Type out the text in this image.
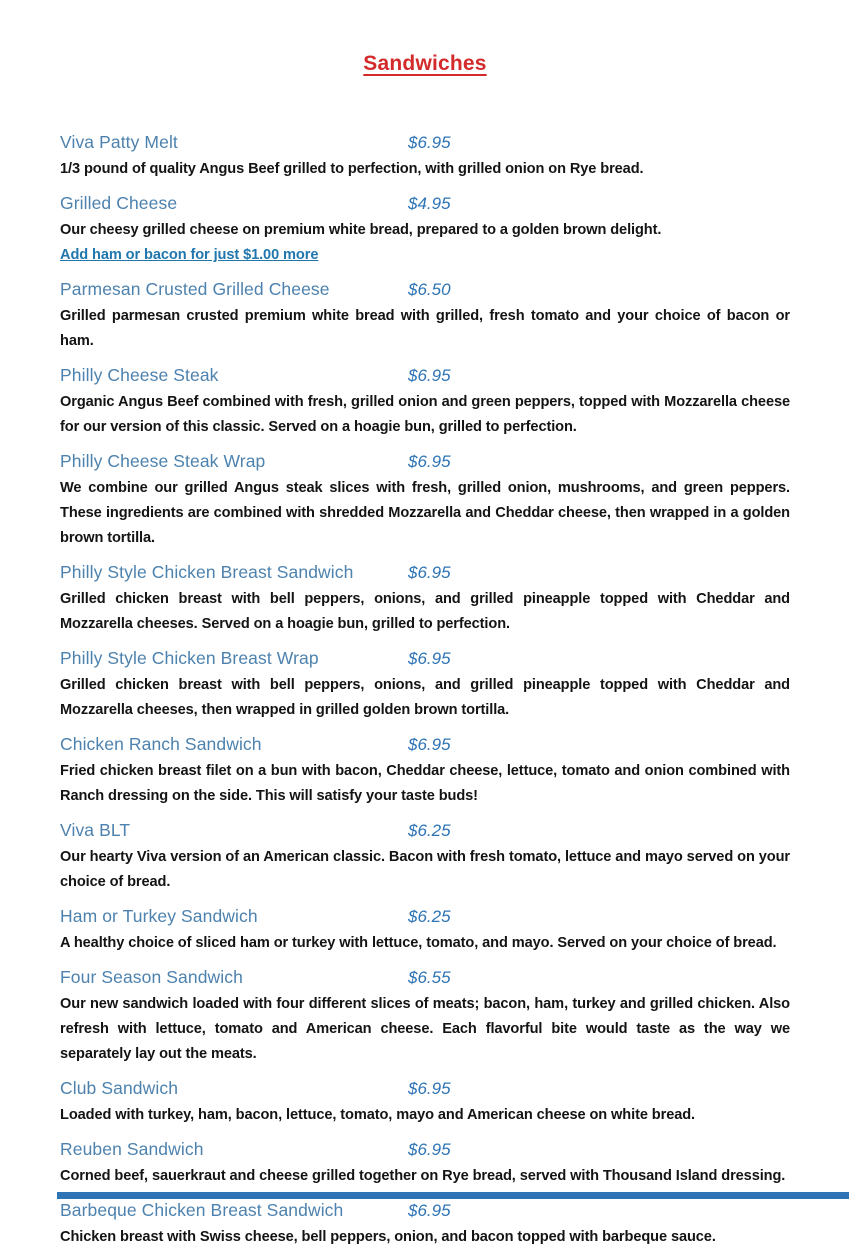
Sandwiches
Viva Patty Melt	$6.95

1/3 pound of quality Angus Beef grilled to perfection, with grilled onion on Rye bread.

Grilled Cheese	$4.95

Our cheesy grilled cheese on premium white bread, prepared to a golden brown delight.

Add ham or bacon for just $1.00 more
Parmesan Crusted Grilled Cheese	$6.50

Grilled parmesan crusted premium white bread with grilled, fresh tomato and your choice of bacon or ham.

Philly Cheese Steak	$6.95

Organic Angus Beef combined with fresh, grilled onion and green peppers, topped with Mozzarella cheese for our version of this classic. Served on a hoagie bun, grilled to perfection.

Philly Cheese Steak Wrap	$6.95

We combine our grilled Angus steak slices with fresh, grilled onion, mushrooms, and green peppers. These ingredients are combined with shredded Mozzarella and Cheddar cheese, then wrapped in a golden brown tortilla.

Philly Style Chicken Breast Sandwich	$6.95

Grilled chicken breast with bell peppers, onions, and grilled pineapple topped with Cheddar and Mozzarella cheeses. Served on a hoagie bun, grilled to perfection.

Philly Style Chicken Breast Wrap	$6.95

Grilled chicken breast with bell peppers, onions, and grilled pineapple topped with Cheddar and Mozzarella cheeses, then wrapped in grilled golden brown tortilla.

Chicken Ranch Sandwich	$6.95

Fried chicken breast filet on a bun with bacon, Cheddar cheese, lettuce, tomato and onion combined with Ranch dressing on the side. This will satisfy your taste buds!

Viva BLT	$6.25

Our hearty Viva version of an American classic. Bacon with fresh tomato, lettuce and mayo served on your choice of bread.

Ham or Turkey Sandwich	$6.25

A healthy choice of sliced ham or turkey with lettuce, tomato, and mayo. Served on your choice of bread.

Four Season Sandwich	$6.55

Our new sandwich loaded with four different slices of meats; bacon, ham, turkey and grilled chicken. Also refresh with lettuce, tomato and American cheese. Each flavorful bite would taste as the way we separately lay out the meats.

Club Sandwich	$6.95

Loaded with turkey, ham, bacon, lettuce, tomato, mayo and American cheese on white bread.

Reuben Sandwich	$6.95

Corned beef, sauerkraut and cheese grilled together on Rye bread, served with Thousand Island dressing.

Barbeque Chicken Breast Sandwich	$6.95

Chicken breast with Swiss cheese, bell peppers, onion, and bacon topped with barbeque sauce.
